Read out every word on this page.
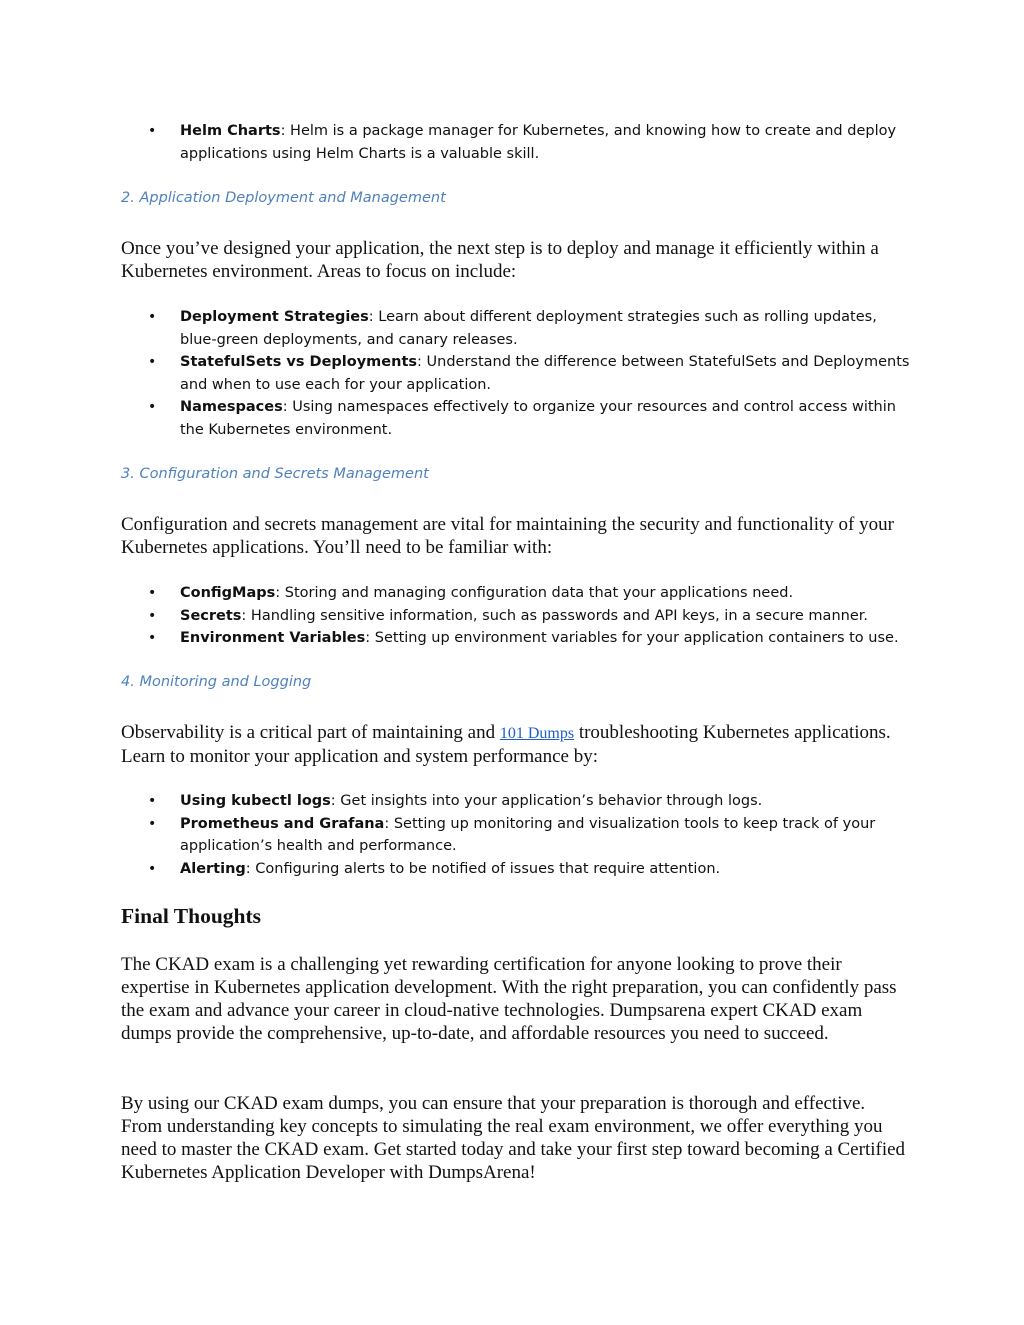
• Helm Charts: Helm is a package manager for Kubernetes, and knowing how to create and deploy applications using Helm Charts is a valuable skill.
2. Application Deployment and Management
Once you’ve designed your application, the next step is to deploy and manage it efficiently within a Kubernetes environment. Areas to focus on include:
• Deployment Strategies: Learn about different deployment strategies such as rolling updates, blue-green deployments, and canary releases.
• StatefulSets vs Deployments: Understand the difference between StatefulSets and Deployments and when to use each for your application.
• Namespaces: Using namespaces effectively to organize your resources and control access within the Kubernetes environment.
3. Configuration and Secrets Management
Configuration and secrets management are vital for maintaining the security and functionality of your Kubernetes applications. You’ll need to be familiar with:
• ConfigMaps: Storing and managing configuration data that your applications need.
• Secrets: Handling sensitive information, such as passwords and API keys, in a secure manner.
• Environment Variables: Setting up environment variables for your application containers to use.
4. Monitoring and Logging
Observability is a critical part of maintaining and 101 Dumps troubleshooting Kubernetes applications. Learn to monitor your application and system performance by:
• Using kubectl logs: Get insights into your application’s behavior through logs.
• Prometheus and Grafana: Setting up monitoring and visualization tools to keep track of your application’s health and performance.
• Alerting: Configuring alerts to be notified of issues that require attention.
Final Thoughts
The CKAD exam is a challenging yet rewarding certification for anyone looking to prove their expertise in Kubernetes application development. With the right preparation, you can confidently pass the exam and advance your career in cloud-native technologies. Dumpsarena expert CKAD exam dumps provide the comprehensive, up-to-date, and affordable resources you need to succeed.
By using our CKAD exam dumps, you can ensure that your preparation is thorough and effective. From understanding key concepts to simulating the real exam environment, we offer everything you need to master the CKAD exam. Get started today and take your first step toward becoming a Certified Kubernetes Application Developer with DumpsArena!
